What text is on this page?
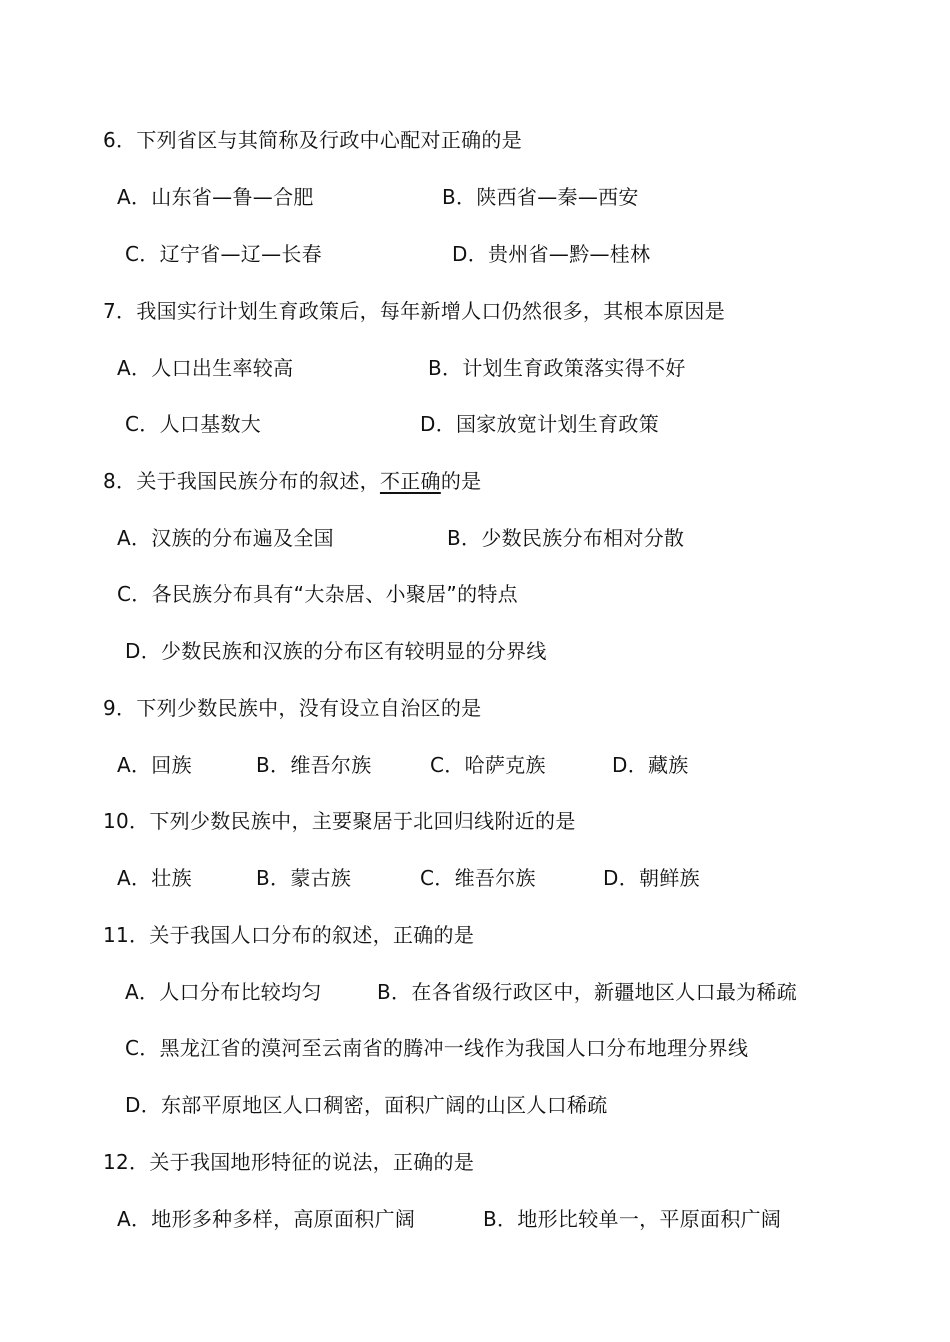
6．下列省区与其简称及行政中心配对正确的是
A．山东省—鲁—合肥	B．陕西省—秦—西安
C．辽宁省—辽—长春	D．贵州省—黔—桂林
7．我国实行计划生育政策后，每年新增人口仍然很多，其根本原因是
A．人口出生率较高	B．计划生育政策落实得不好
C．人口基数大	D．国家放宽计划生育政策
8．关于我国民族分布的叙述，不正确的是
A．汉族的分布遍及全国	B．少数民族分布相对分散
C．各民族分布具有“大杂居、小聚居”的特点
D．少数民族和汉族的分布区有较明显的分界线
9．下列少数民族中，没有设立自治区的是
A．回族	B．维吾尔族	C．哈萨克族	D．藏族
10．下列少数民族中，主要聚居于北回归线附近的是
A．壮族	B．蒙古族	C．维吾尔族	D．朝鲜族
11．关于我国人口分布的叙述，正确的是
A．人口分布比较均匀	B．在各省级行政区中，新疆地区人口最为稀疏
C．黑龙江省的漠河至云南省的腾冲一线作为我国人口分布地理分界线
D．东部平原地区人口稠密，面积广阔的山区人口稀疏
12．关于我国地形特征的说法，正确的是
A．地形多种多样，高原面积广阔	B．地形比较单一，平原面积广阔
